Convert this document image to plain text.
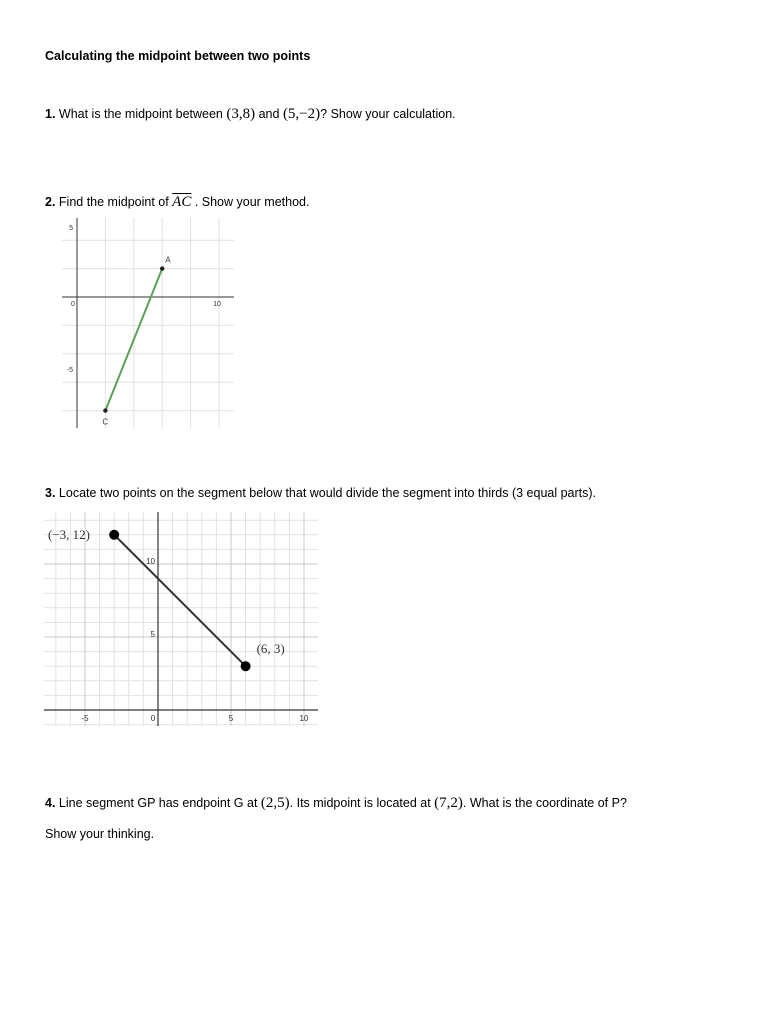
Calculating the midpoint between two points
1. What is the midpoint between (3,8) and (5,−2)? Show your calculation.
2. Find the midpoint of $\overline{AC}$ . Show your method.
5
-5
0	10
A
C
3. Locate two points on the segment below that would divide the segment into thirds (3 equal parts).
10
5
-5	0	5	10
(−3, 12)
(6, 3)
4. Line segment GP has endpoint G at (2,5). Its midpoint is located at (7,2). What is the coordinate of P?
Show your thinking.
